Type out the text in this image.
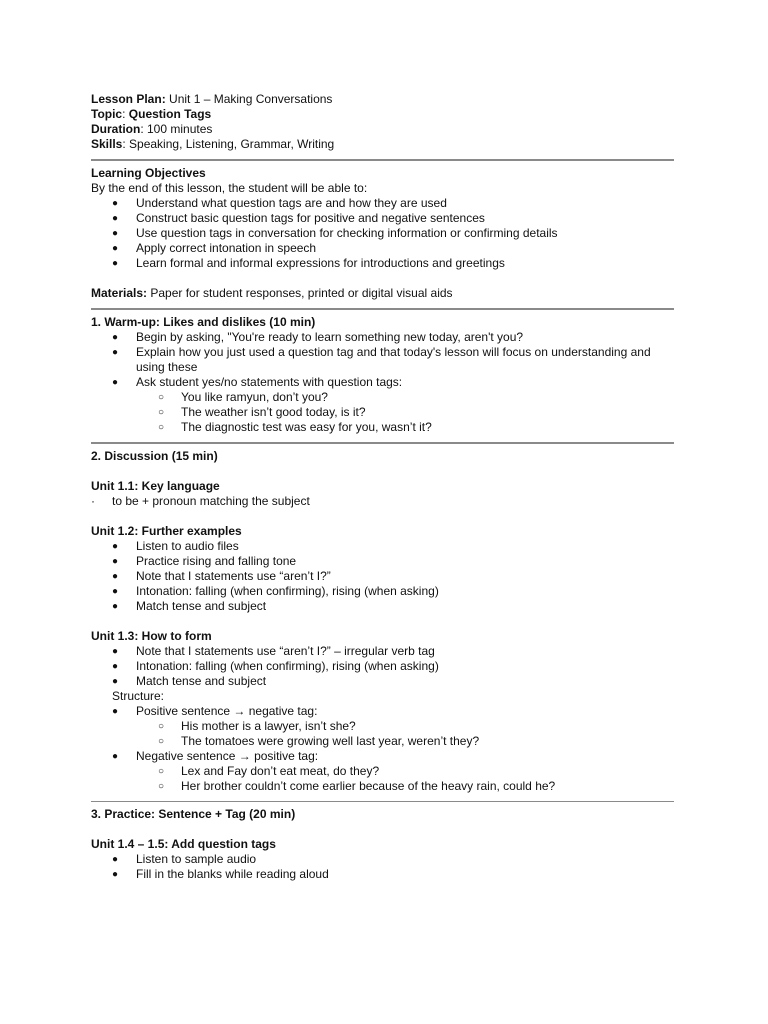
Lesson Plan: Unit 1 – Making Conversations
Topic: Question Tags
Duration: 100 minutes
Skills: Speaking, Listening, Grammar, Writing
Learning Objectives
By the end of this lesson, the student will be able to:
● Understand what question tags are and how they are used
● Construct basic question tags for positive and negative sentences
● Use question tags in conversation for checking information or confirming details
● Apply correct intonation in speech
● Learn formal and informal expressions for introductions and greetings
Materials: Paper for student responses, printed or digital visual aids
1. Warm-up: Likes and dislikes (10 min)
● Begin by asking, "You're ready to learn something new today, aren't you?
● Explain how you just used a question tag and that today's lesson will focus on understanding and
using these
● Ask student yes/no statements with question tags:
○ You like ramyun, don’t you?
○ The weather isn’t good today, is it?
○ The diagnostic test was easy for you, wasn’t it?
2. Discussion (15 min)
Unit 1.1: Key language
· to be + pronoun matching the subject
Unit 1.2: Further examples
● Listen to audio files
● Practice rising and falling tone
● Note that I statements use “aren’t I?”
● Intonation: falling (when confirming), rising (when asking)
● Match tense and subject
Unit 1.3: How to form
● Note that I statements use “aren’t I?” – irregular verb tag
● Intonation: falling (when confirming), rising (when asking)
● Match tense and subject
Structure:
● Positive sentence → negative tag:
○ His mother is a lawyer, isn’t she?
○ The tomatoes were growing well last year, weren’t they?
● Negative sentence → positive tag:
○ Lex and Fay don’t eat meat, do they?
○ Her brother couldn’t come earlier because of the heavy rain, could he?
3. Practice: Sentence + Tag (20 min)
Unit 1.4 – 1.5: Add question tags
● Listen to sample audio
● Fill in the blanks while reading aloud
